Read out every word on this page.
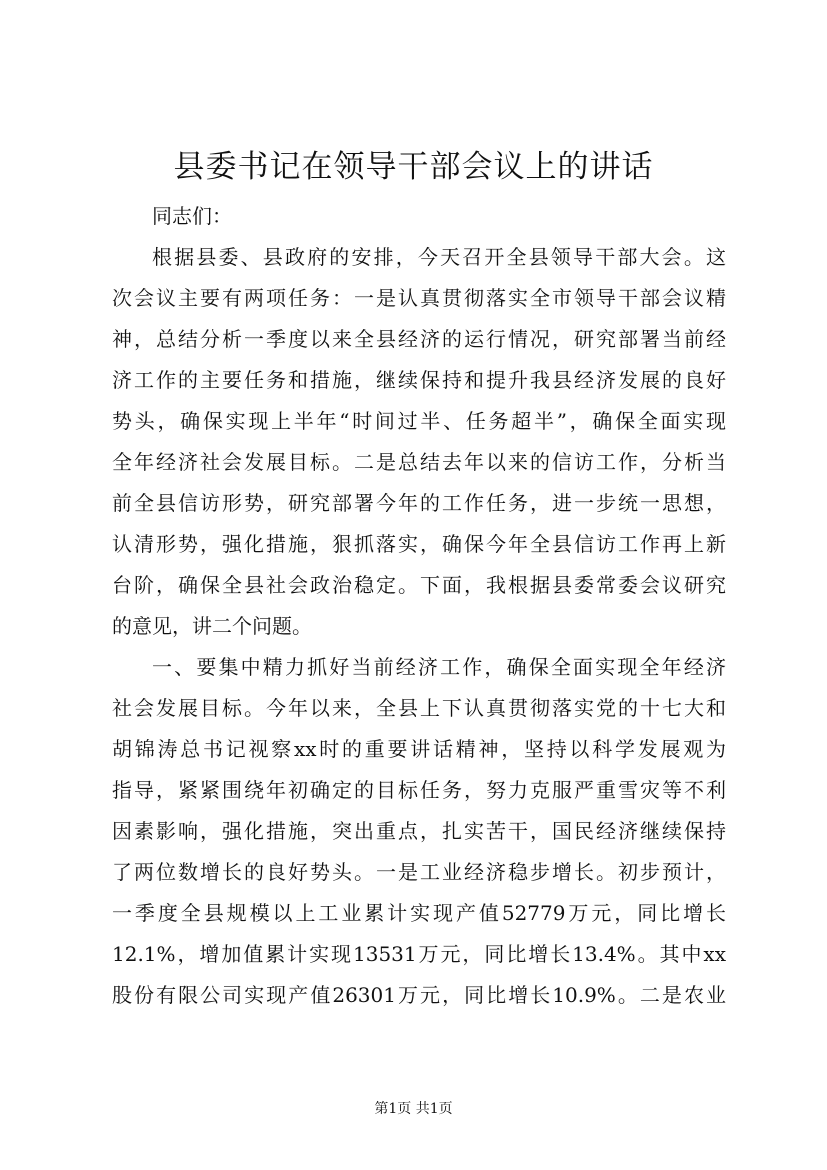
县委书记在领导干部会议上的讲话
同志们：
根据县委、县政府的安排，今天召开全县领导干部大会。这
次会议主要有两项任务：一是认真贯彻落实全市领导干部会议精
神，总结分析一季度以来全县经济的运行情况，研究部署当前经
济工作的主要任务和措施，继续保持和提升我县经济发展的良好
势头，确保实现上半年“时间过半、任务超半”，确保全面实现
全年经济社会发展目标。二是总结去年以来的信访工作，分析当
前全县信访形势，研究部署今年的工作任务，进一步统一思想，
认清形势，强化措施，狠抓落实，确保今年全县信访工作再上新
台阶，确保全县社会政治稳定。下面，我根据县委常委会议研究
的意见，讲二个问题。
一、要集中精力抓好当前经济工作，确保全面实现全年经济
社会发展目标。今年以来，全县上下认真贯彻落实党的十七大和
胡锦涛总书记视察xx时的重要讲话精神，坚持以科学发展观为
指导，紧紧围绕年初确定的目标任务，努力克服严重雪灾等不利
因素影响，强化措施，突出重点，扎实苦干，国民经济继续保持
了两位数增长的良好势头。一是工业经济稳步增长。初步预计，
一季度全县规模以上工业累计实现产值52779万元，同比增长
12.1%，增加值累计实现13531万元，同比增长13.4%。其中xx
股份有限公司实现产值26301万元，同比增长10.9%。二是农业
第1页 共1页
